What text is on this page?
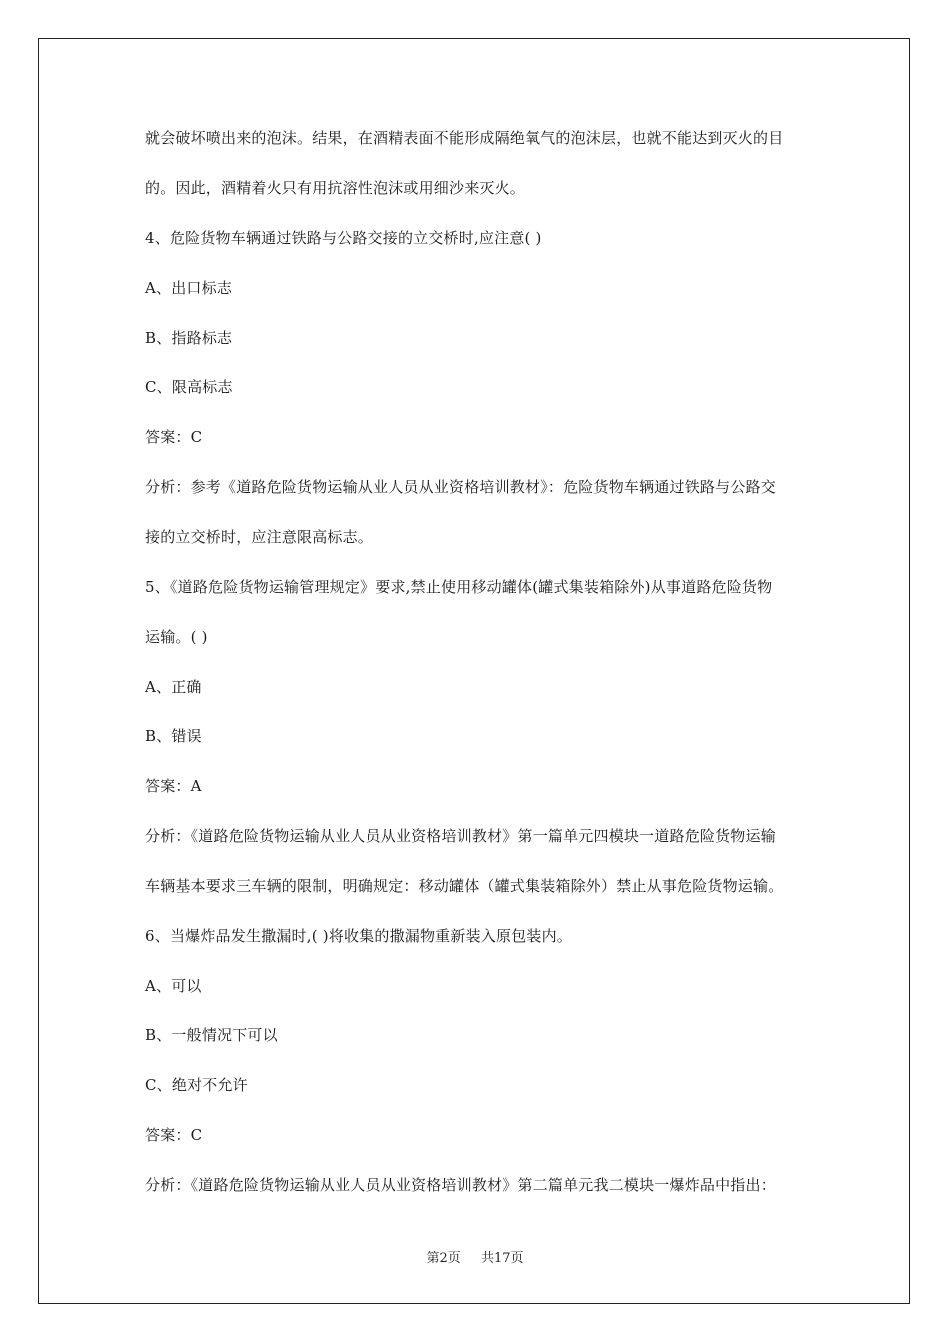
就会破坏喷出来的泡沫。结果，在酒精表面不能形成隔绝氧气的泡沫层，也就不能达到灭火的目
的。因此，酒精着火只有用抗溶性泡沫或用细沙来灭火。
4、危险货物车辆通过铁路与公路交接的立交桥时,应注意( )
A、出口标志
B、指路标志
C、限高标志
答案：C
分析：参考《道路危险货物运输从业人员从业资格培训教材》：危险货物车辆通过铁路与公路交
接的立交桥时，应注意限高标志。
5、《道路危险货物运输管理规定》要求,禁止使用移动罐体(罐式集装箱除外)从事道路危险货物
运输。( )
A、正确
B、错误
答案：A
分析：《道路危险货物运输从业人员从业资格培训教材》第一篇单元四模块一道路危险货物运输
车辆基本要求三车辆的限制，明确规定：移动罐体（罐式集装箱除外）禁止从事危险货物运输。
6、当爆炸品发生撒漏时,( )将收集的撒漏物重新装入原包装内。
A、可以
B、一般情况下可以
C、绝对不允许
答案：C
分析：《道路危险货物运输从业人员从业资格培训教材》第二篇单元我二模块一爆炸品中指出：
第2页 共17页
